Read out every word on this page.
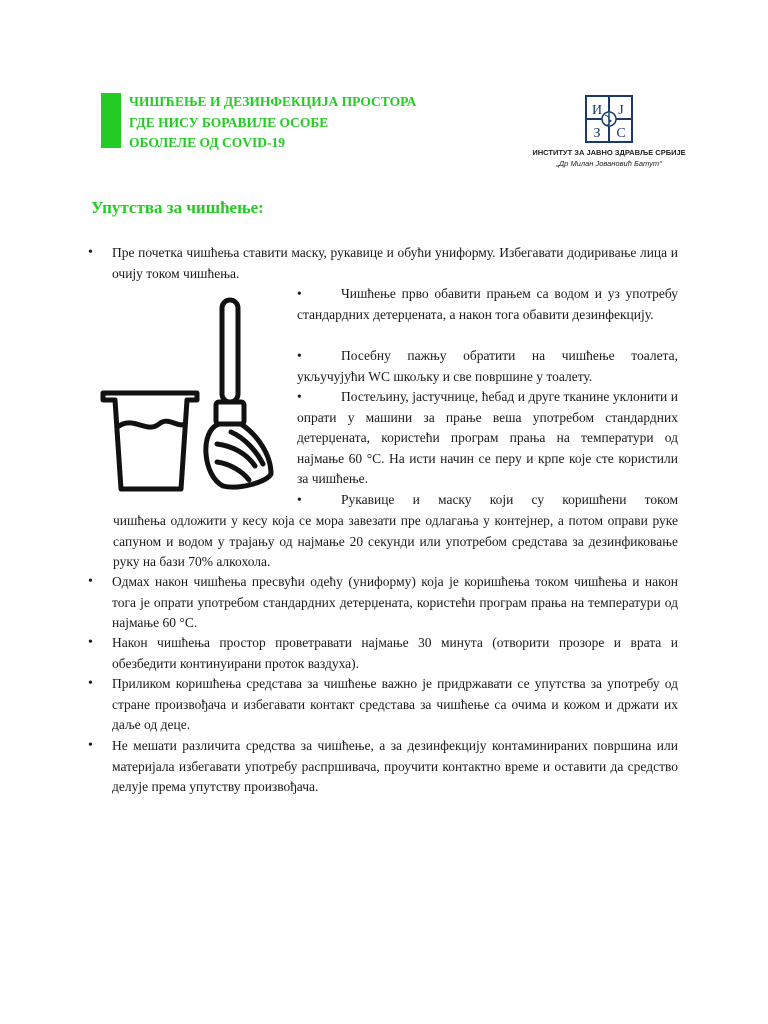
ЧИШЋЕЊЕ И ДЕЗИНФЕКЦИЈА ПРОСТОРА
ГДЕ НИСУ БОРАВИЛЕ ОСОБЕ
ОБОЛЕЛЕ ОД COVID-19
И Ј
З С
ИНСТИТУТ ЗА ЈАВНО ЗДРАВЉЕ СРБИЈЕ
„Др Милан Јовановић Батут“
Упутства за чишћење:
• Пре почетка чишћења ставити маску, рукавице и обући униформу. Избегавати додиривање лица и очију током чишћења.

•	Чишћење прво обавити прањем са водом и уз употребу стандардних детерџената, а након тога обавити дезинфекцију.

•	Посебну пажњу обратити на чишћење тоалета, укључујући WC шкољку и све површине у тоалету.

•	Постељину, јастучнице, ћебад и друге тканине уклонити и опрати у машини за прање веша употребом стандардних детерџената, користећи програм прања на температури од најмање 60 °C. На исти начин се перу и крпе које сте користили за чишћење.

•	Рукавице и маску који су коришћени током

чишћења одложити у кесу која се мора завезати пре одлагања у контејнер, а потом оправи руке сапуном и водом у трајању од најмање 20 секунди или употребом средстава за дезинфиковање руку на бази 70% алкохола.
• Одмах након чишћења пресвући одећу (униформу) која је коришћења током чишћења и након тога је опрати употребом стандардних детерџената, користећи програм прања на температури од најмање 60 °C.
• Након чишћења простор проветравати најмање 30 минута (отворити прозоре и врата и обезбедити континуирани проток ваздуха).
• Приликом коришћења средстава за чишћење важно је придржавати се упутства за употребу од стране произвођача и избегавати контакт средстава за чишћење са очима и кожом и држати их даље од деце.
• Не мешати различита средства за чишћење, а за дезинфекцију контаминираних површина или материјала избегавати употребу распршивача, проучити контактно време и оставити да средство делује према упутству произвођача.
